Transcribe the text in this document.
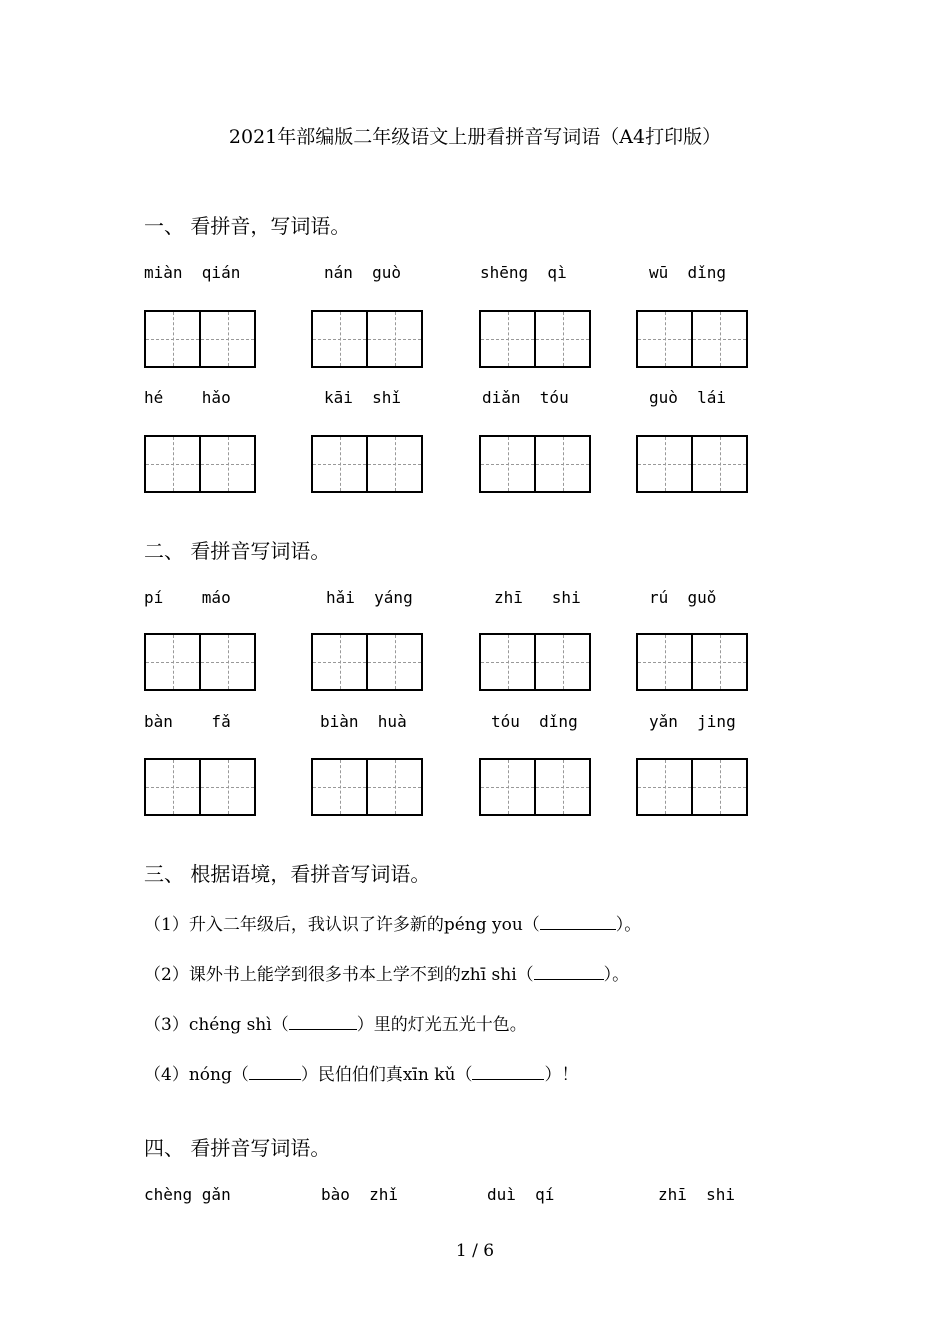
2021年部编版二年级语文上册看拼音写词语（A4打印版）
一、 看拼音，写词语。
miàn  qián	nán  guò	shēng  qì	wū  dǐng
hé    hǎo	kāi  shǐ	diǎn  tóu	guò  lái
二、 看拼音写词语。
pí    máo	hǎi  yáng	zhī   shi	rú  guǒ
bàn    fǎ	biàn  huà	tóu  dǐng	yǎn  jing
三、 根据语境，看拼音写词语。
（1）升入二年级后，我认识了许多新的péng you（	）。
（2）课外书上能学到很多书本上学不到的zhī shi（	）。
（3）chéng shì（	）里的灯光五光十色。
（4）nóng（	）民伯伯们真xīn kǔ（	）！
四、 看拼音写词语。
chèng gǎn	bào  zhǐ	duì  qí	zhī  shi
1 / 6
